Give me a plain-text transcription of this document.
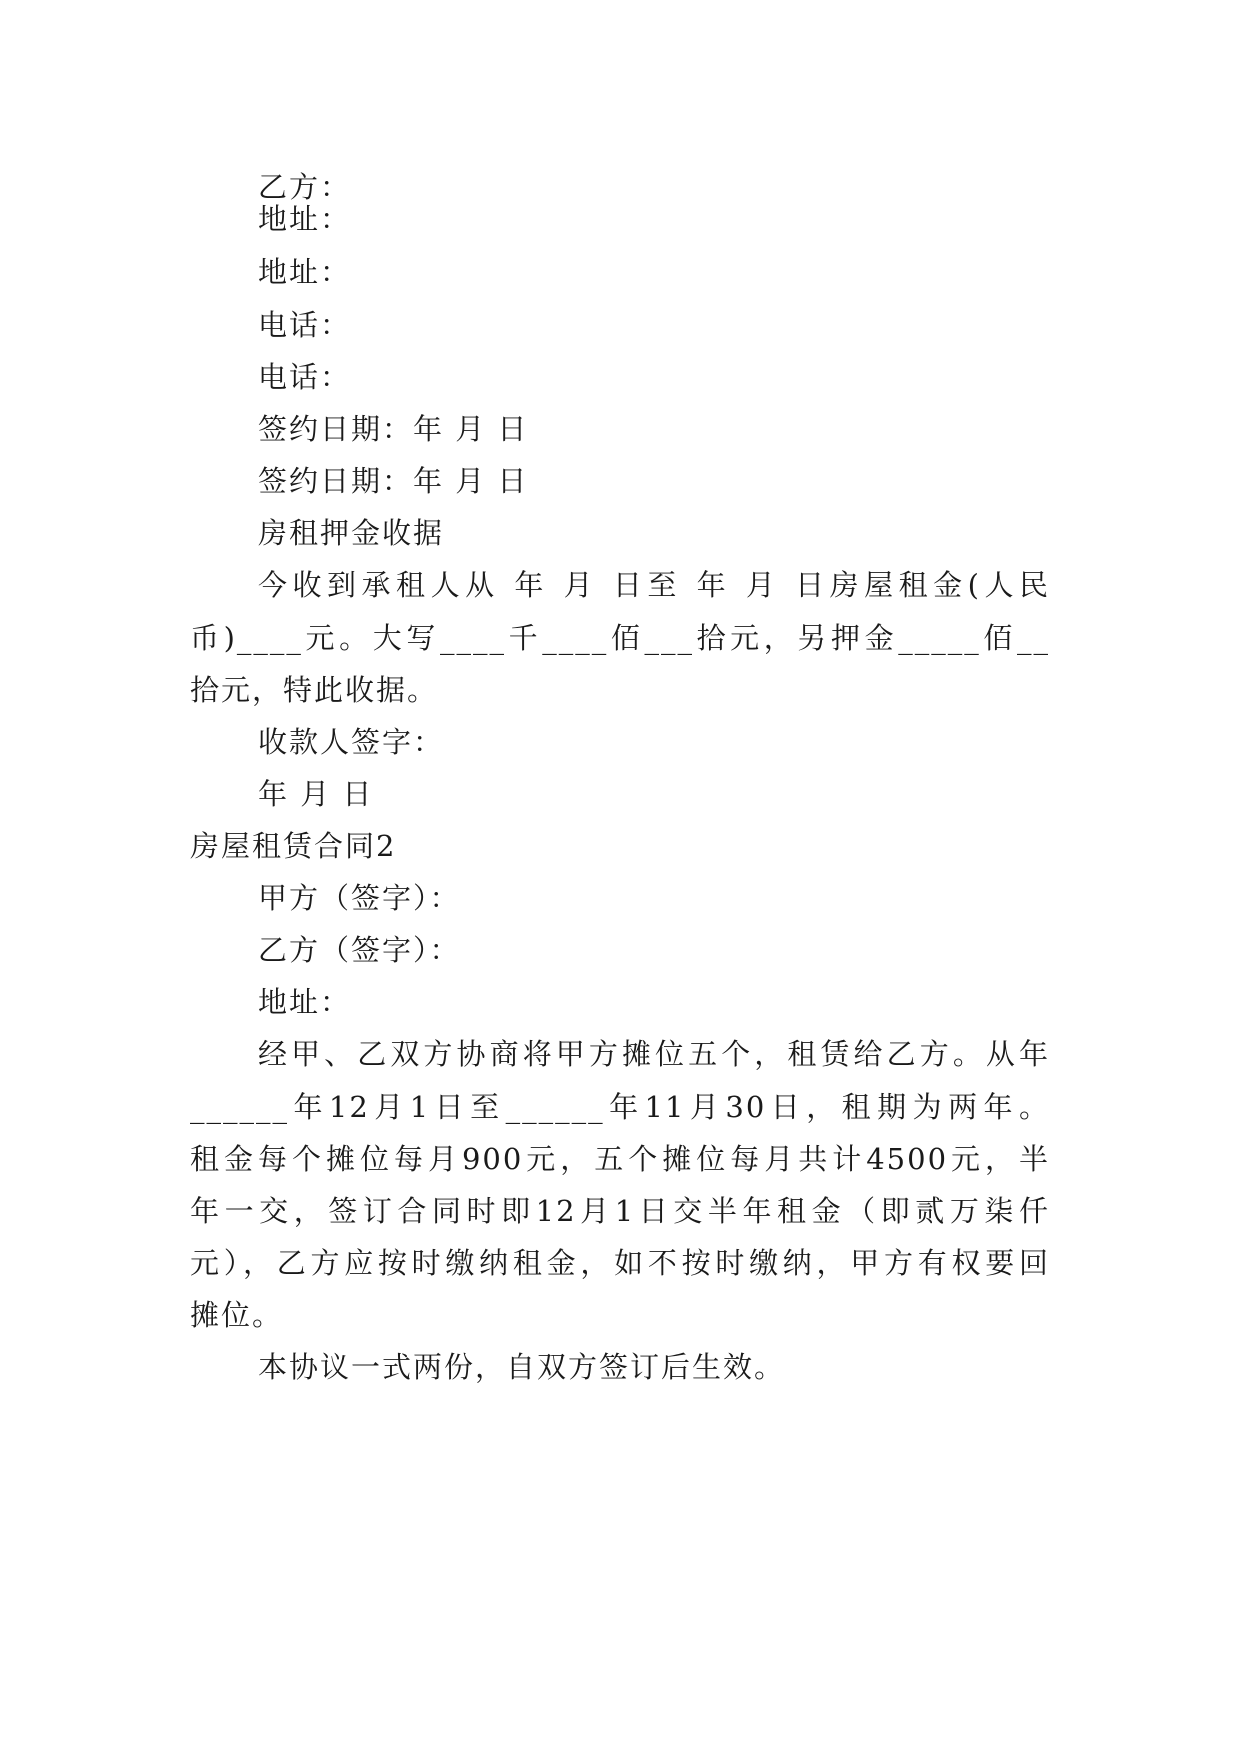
乙方：
地址：
地址：
电话：
电话：
签约日期：年 月 日
签约日期：年 月 日
房租押金收据
今收到承租人从 年 月 日至 年 月 日房屋租金(人民
币)____元。大写____千____佰___拾元，另押金_____佰__
拾元，特此收据。
收款人签字：
年 月 日
房屋租赁合同2
甲方（签字）：
乙方（签字）：
地址：
经甲、乙双方协商将甲方摊位五个，租赁给乙方。从年
______年12月1日至______年11月30日，租期为两年。
租金每个摊位每月900元，五个摊位每月共计4500元，半
年一交，签订合同时即12月1日交半年租金（即贰万柒仟
元），乙方应按时缴纳租金，如不按时缴纳，甲方有权要回
摊位。
本协议一式两份，自双方签订后生效。
